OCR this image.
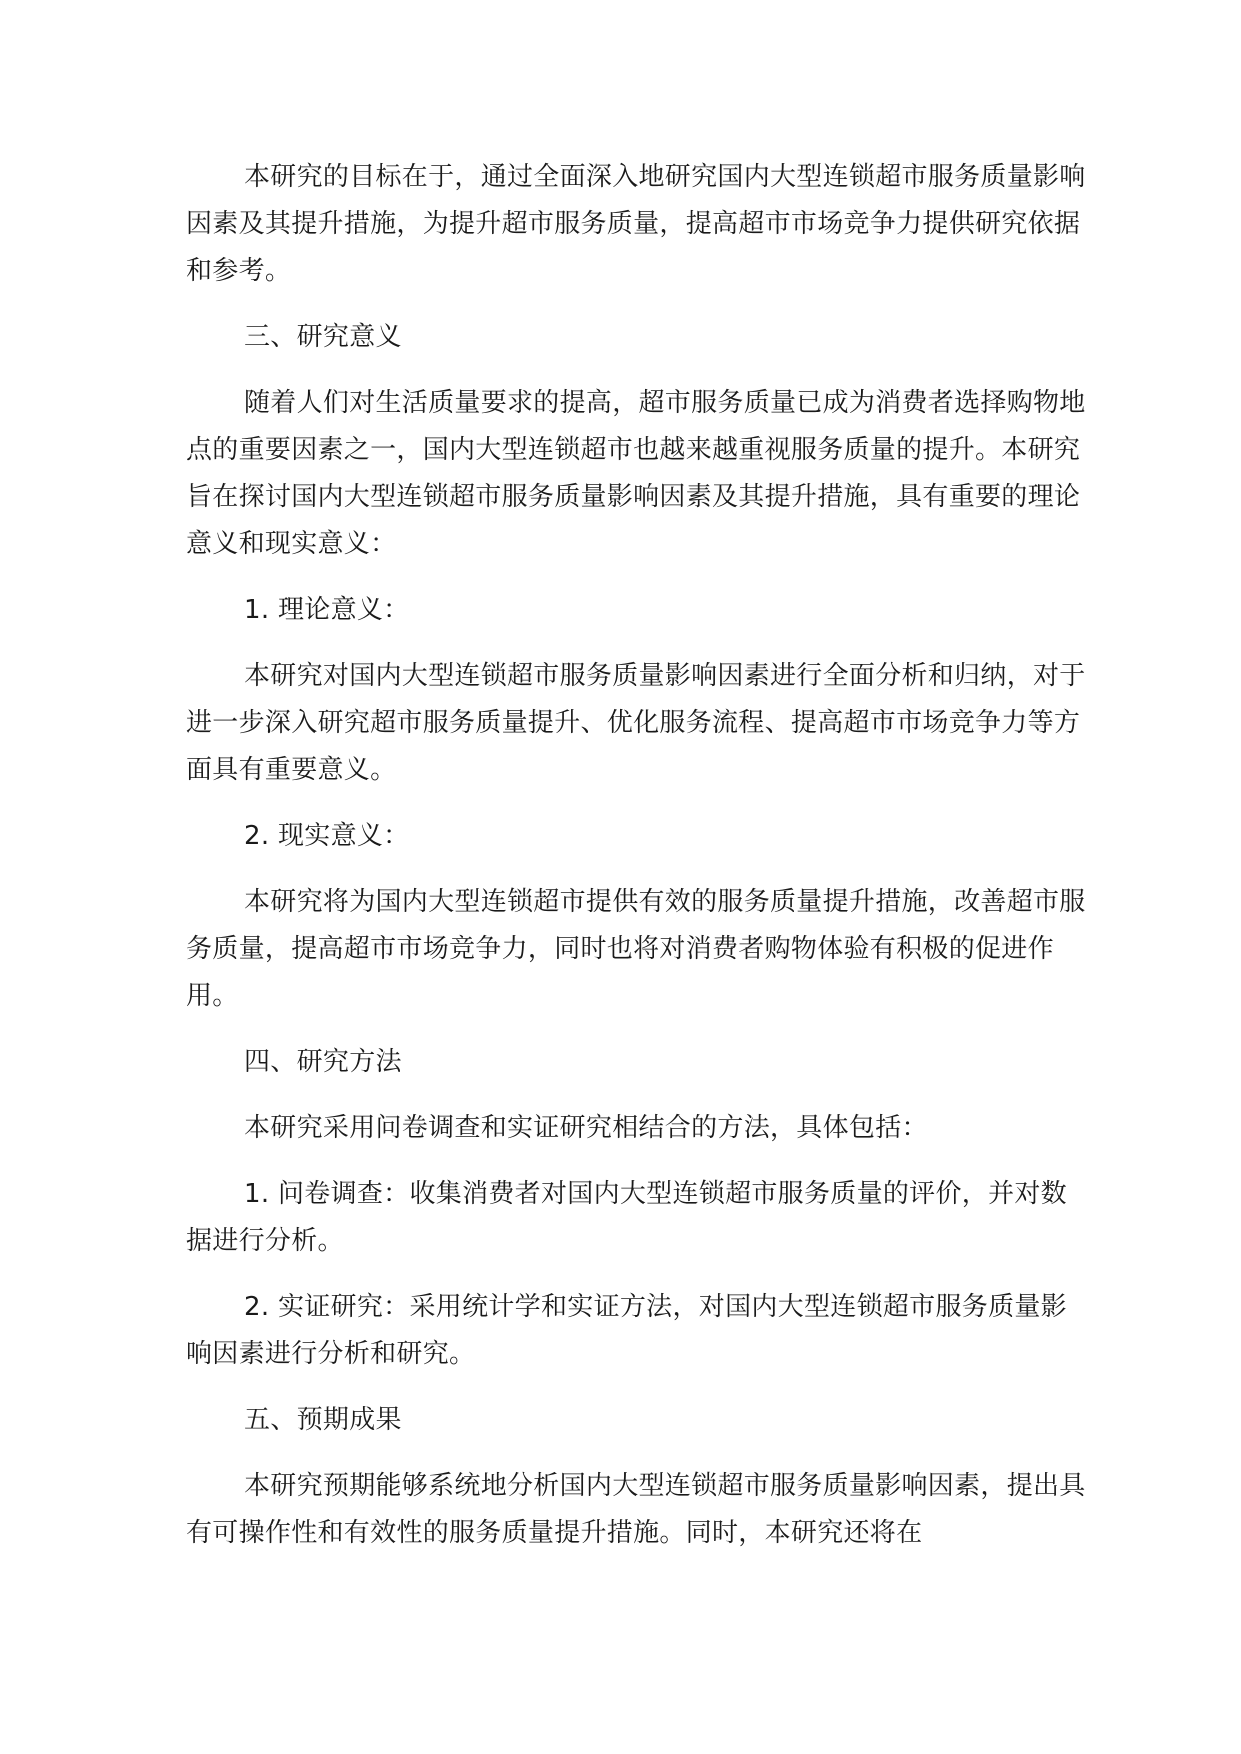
本研究的目标在于，通过全面深入地研究国内大型连锁超市服务质量影响因素及其提升措施，为提升超市服务质量，提高超市市场竞争力提供研究依据和参考。

三、研究意义

随着人们对生活质量要求的提高，超市服务质量已成为消费者选择购物地点的重要因素之一，国内大型连锁超市也越来越重视服务质量的提升。本研究旨在探讨国内大型连锁超市服务质量影响因素及其提升措施，具有重要的理论意义和现实意义：

1. 理论意义：

本研究对国内大型连锁超市服务质量影响因素进行全面分析和归纳，对于进一步深入研究超市服务质量提升、优化服务流程、提高超市市场竞争力等方面具有重要意义。

2. 现实意义：

本研究将为国内大型连锁超市提供有效的服务质量提升措施，改善超市服务质量，提高超市市场竞争力，同时也将对消费者购物体验有积极的促进作用。

四、研究方法

本研究采用问卷调查和实证研究相结合的方法，具体包括：

1. 问卷调查：收集消费者对国内大型连锁超市服务质量的评价，并对数据进行分析。

2. 实证研究：采用统计学和实证方法，对国内大型连锁超市服务质量影响因素进行分析和研究。

五、预期成果

本研究预期能够系统地分析国内大型连锁超市服务质量影响因素，提出具有可操作性和有效性的服务质量提升措施。同时，本研究还将在
